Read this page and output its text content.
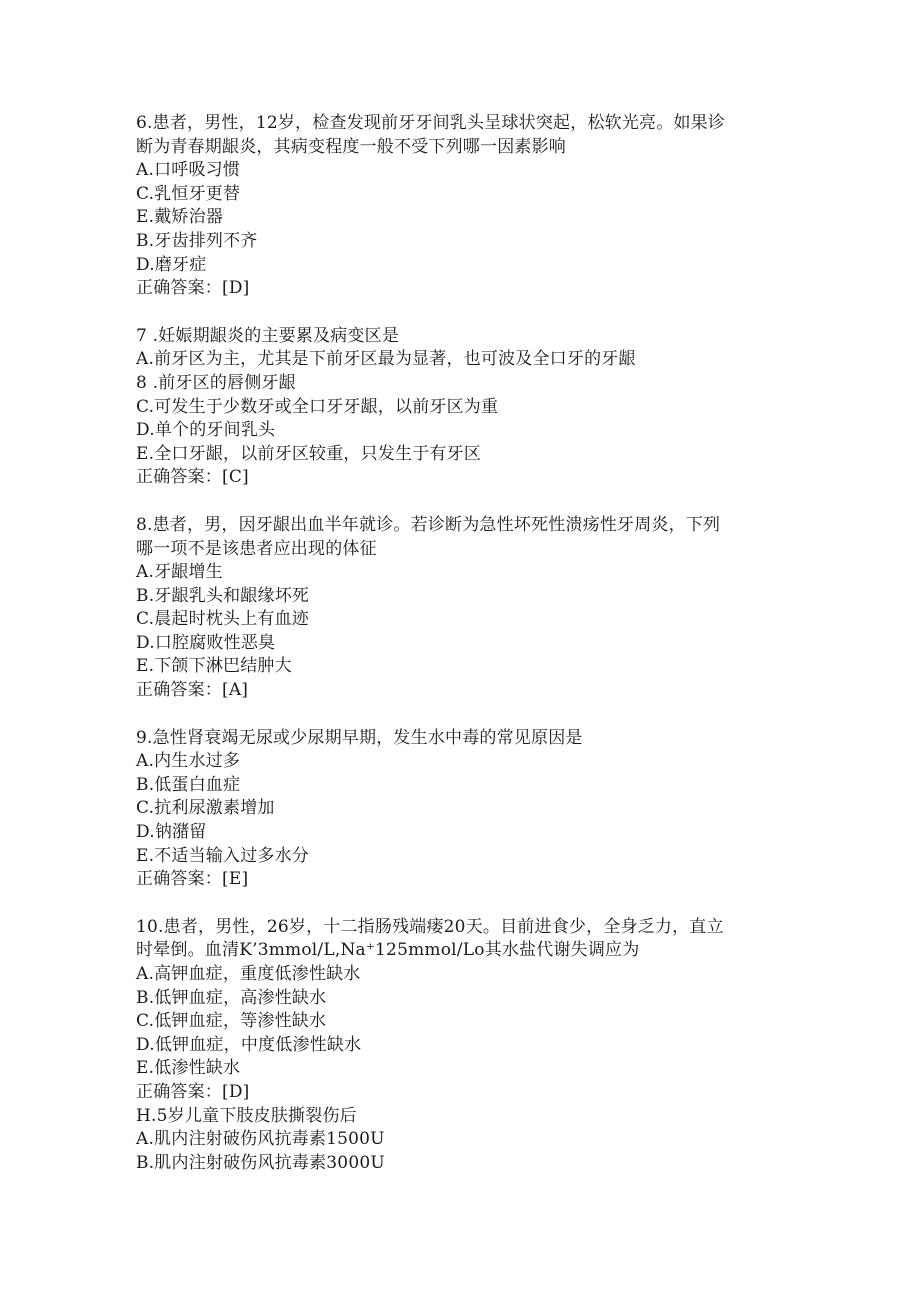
6.患者，男性，12岁，检查发现前牙牙间乳头呈球状突起，松软光亮。如果诊
断为青春期龈炎，其病变程度一般不受下列哪一因素影响
A.口呼吸习惯
C.乳恒牙更替
E.戴矫治器
B.牙齿排列不齐
D.磨牙症
正确答案：[D]
7 .妊娠期龈炎的主要累及病变区是
A.前牙区为主，尤其是下前牙区最为显著，也可波及全口牙的牙龈
8 .前牙区的唇侧牙龈
C.可发生于少数牙或全口牙牙龈，以前牙区为重
D.单个的牙间乳头
E.全口牙龈，以前牙区较重，只发生于有牙区
正确答案：[C]
8.患者，男，因牙龈出血半年就诊。若诊断为急性坏死性溃疡性牙周炎，下列
哪一项不是该患者应出现的体征
A.牙龈增生
B.牙龈乳头和龈缘坏死
C.晨起时枕头上有血迹
D.口腔腐败性恶臭
E.下颌下淋巴结肿大
正确答案：[A]
9.急性肾衰竭无尿或少尿期早期，发生水中毒的常见原因是
A.内生水过多
B.低蛋白血症
C.抗利尿激素增加
D.钠潴留
E.不适当输入过多水分
正确答案：[E]
10.患者，男性，26岁，十二指肠残端瘘20天。目前进食少，全身乏力，直立
时晕倒。血清K’3mmol/L,Na⁺125mmol/Lo其水盐代谢失调应为
A.高钾血症，重度低渗性缺水
B.低钾血症，高渗性缺水
C.低钾血症，等渗性缺水
D.低钾血症，中度低渗性缺水
E.低渗性缺水
正确答案：[D]
H.5岁儿童下肢皮肤撕裂伤后
A.肌内注射破伤风抗毒素1500U
B.肌内注射破伤风抗毒素3000U
